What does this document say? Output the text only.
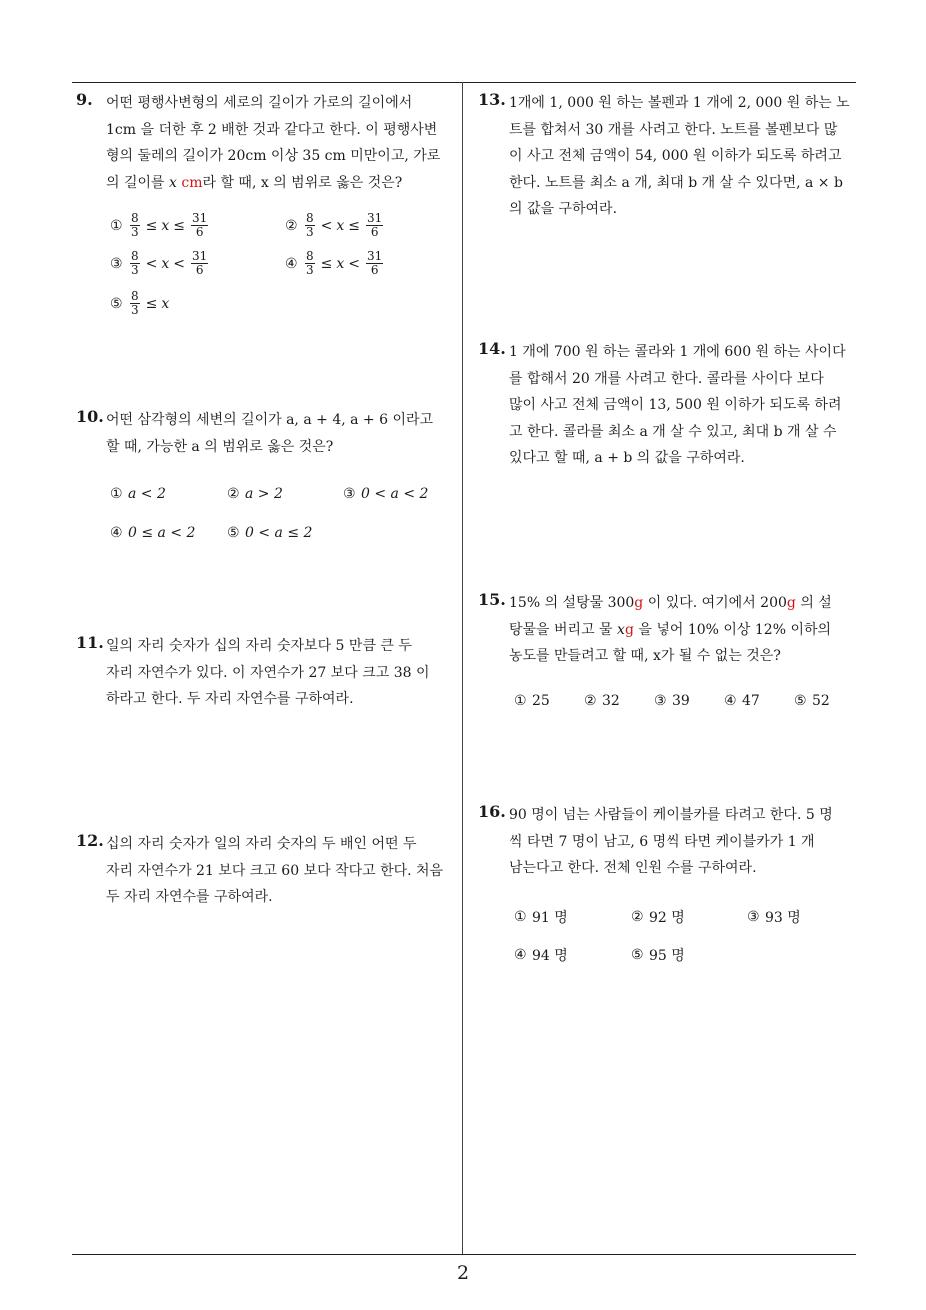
9. 어떤 평행사변형의 세로의 길이가 가로의 길이에서
1cm 을 더한 후 2 배한 것과 같다고 한다. 이 평행사변
형의 둘레의 길이가 20cm 이상 35 cm 미만이고, 가로
의 길이를 x cm라 할 때, x 의 범위로 옳은 것은?
① $\frac{8}{3} \le x \le \frac{31}{6}$	② $\frac{8}{3} < x \le \frac{31}{6}$
③ $\frac{8}{3} < x < \frac{31}{6}$	④ $\frac{8}{3} \le x < \frac{31}{6}$
⑤ $\frac{8}{3} \le x$
10. 어떤 삼각형의 세변의 길이가 a, a + 4, a + 6 이라고
할 때, 가능한 a 의 범위로 옳은 것은?
① a < 2	② a > 2	③ 0 < a < 2
④ 0 ≤ a < 2 ⑤ 0 < a ≤ 2
11. 일의 자리 숫자가 십의 자리 숫자보다 5 만큼 큰 두
자리 자연수가 있다. 이 자연수가 27 보다 크고 38 이
하라고 한다. 두 자리 자연수를 구하여라.
12. 십의 자리 숫자가 일의 자리 숫자의 두 배인 어떤 두
자리 자연수가 21 보다 크고 60 보다 작다고 한다. 처음
두 자리 자연수를 구하여라.
13. 1개에 1, 000 원 하는 볼펜과 1 개에 2, 000 원 하는 노
트를 합쳐서 30 개를 사려고 한다. 노트를 볼펜보다 많
이 사고 전체 금액이 54, 000 원 이하가 되도록 하려고
한다. 노트를 최소 a 개, 최대 b 개 살 수 있다면, a × b
의 값을 구하여라.
14. 1 개에 700 원 하는 콜라와 1 개에 600 원 하는 사이다
를 합해서 20 개를 사려고 한다. 콜라를 사이다 보다
많이 사고 전체 금액이 13, 500 원 이하가 되도록 하려
고 한다. 콜라를 최소 a 개 살 수 있고, 최대 b 개 살 수
있다고 할 때, a + b 의 값을 구하여라.
15. 15% 의 설탕물 300g 이 있다. 여기에서 200g 의 설
탕물을 버리고 물 xg 을 넣어 10% 이상 12% 이하의
농도를 만들려고 할 때, x가 될 수 없는 것은?
① 25 ② 32 ③ 39 ④ 47 ⑤ 52
16. 90 명이 넘는 사람들이 케이블카를 타려고 한다. 5 명
씩 타면 7 명이 남고, 6 명씩 타면 케이블카가 1 개
남는다고 한다. 전체 인원 수를 구하여라.
① 91 명	② 92 명	③ 93 명
④ 94 명	⑤ 95 명
2
